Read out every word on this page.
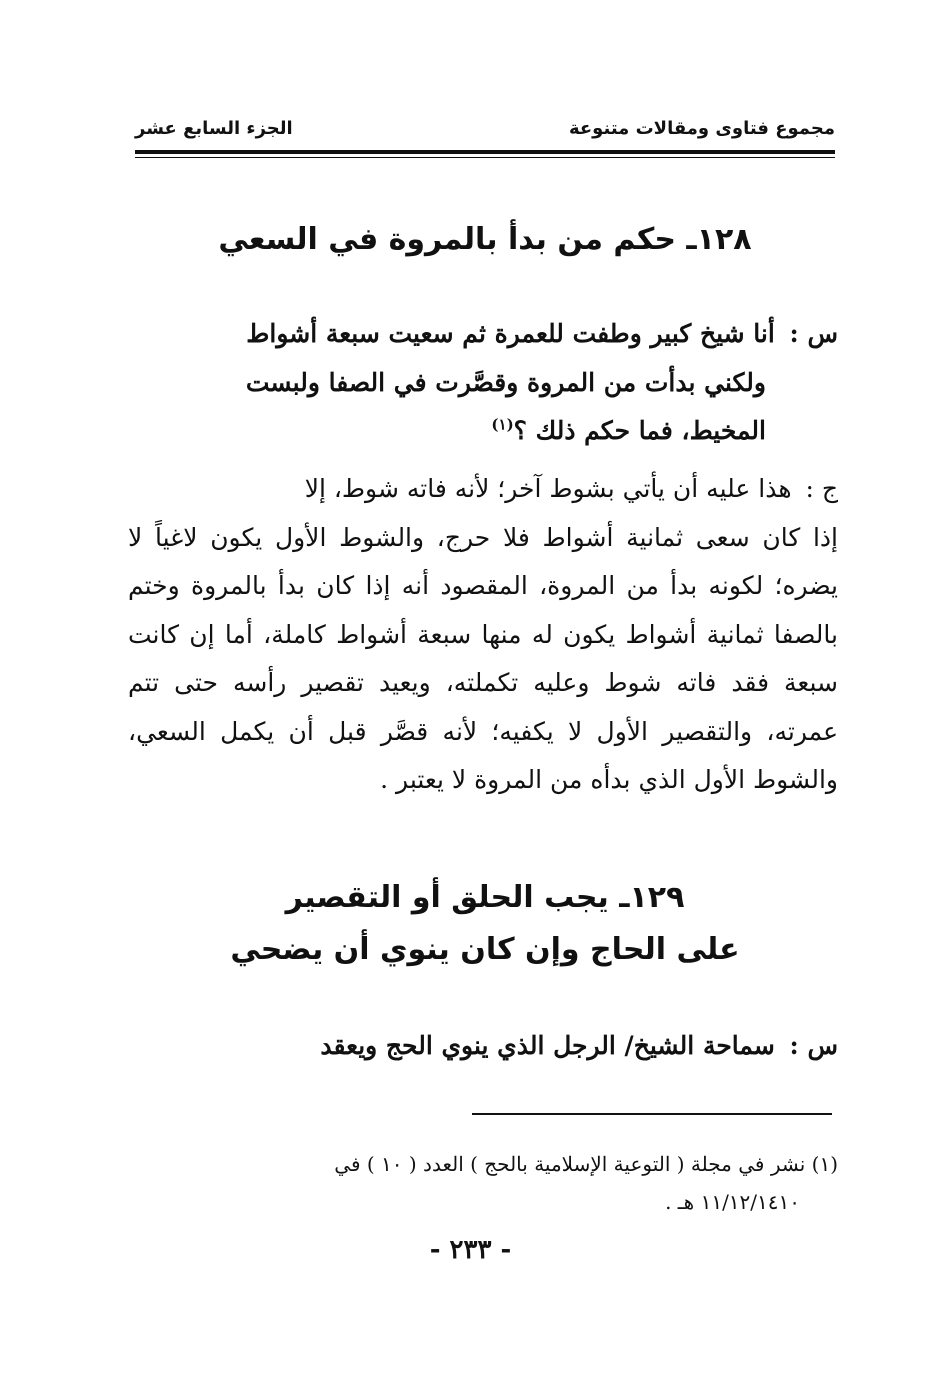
مجموع فتاوى ومقالات متنوعة
الجزء السابع عشر
١٢٨ـ حكم من بدأ بالمروة في السعي
س : أنا شيخ كبير وطفت للعمرة ثم سعيت سبعة أشواط
ولكني بدأت من المروة وقصَّرت في الصفا ولبست
المخيط، فما حكم ذلك ؟$^{(١)}$
ج : هذا عليه أن يأتي بشوط آخر؛ لأنه فاته شوط، إلا
إذا كان سعى ثمانية أشواط فلا حرج، والشوط الأول يكون لاغياً لا يضره؛ لكونه بدأ من المروة، المقصود أنه إذا كان بدأ بالمروة وختم بالصفا ثمانية أشواط يكون له منها سبعة أشواط كاملة، أما إن كانت سبعة فقد فاته شوط وعليه تكملته، ويعيد تقصير رأسه حتى تتم عمرته، والتقصير الأول لا يكفيه؛ لأنه قصَّر قبل أن يكمل السعي، والشوط الأول الذي بدأه من المروة لا يعتبر .
١٢٩ـ يجب الحلق أو التقصير
على الحاج وإن كان ينوي أن يضحي
س : سماحة الشيخ/ الرجل الذي ينوي الحج ويعقد
(١) نشر في مجلة ( التوعية الإسلامية بالحج ) العدد ( ١٠ ) في
١١/١٢/١٤١٠ هـ .
- ٢٣٣ -
